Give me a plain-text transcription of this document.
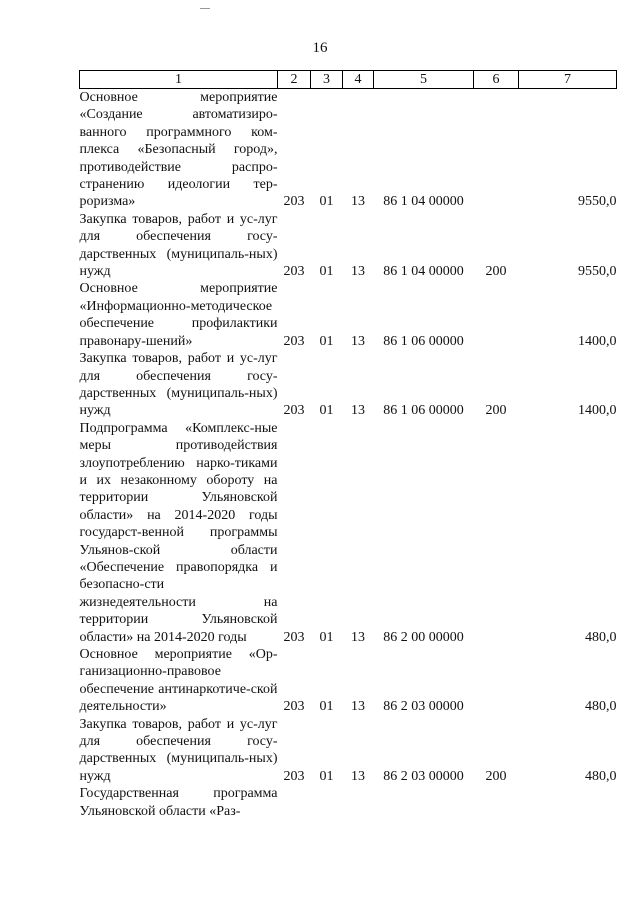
16
1	2	3	4	5	6	7
Основное мероприятие «Создание автоматизиро-ванного программного ком-плекса «Безопасный город», противодействие распро-странению идеологии тер-роризма»	203	01	13	86 1 04 00000		9550,0
Закупка товаров, работ и ус-луг для обеспечения госу-дарственных (муниципаль-ных) нужд	203	01	13	86 1 04 00000	200	9550,0
Основное мероприятие «Информационно-методическое обеспечение профилактики правонару-шений»	203	01	13	86 1 06 00000		1400,0
Закупка товаров, работ и ус-луг для обеспечения госу-дарственных (муниципаль-ных) нужд	203	01	13	86 1 06 00000	200	1400,0
Подпрограмма «Комплекс-ные меры противодействия злоупотреблению нарко-тиками и их незаконному обороту на территории Ульяновской области» на 2014-2020 годы государст-венной программы Ульянов-ской области «Обеспечение правопорядка и безопасно-сти жизнедеятельности на территории Ульяновской области» на 2014-2020 годы	203	01	13	86 2 00 00000		480,0
Основное мероприятие «Ор-ганизационно-правовое обеспечение антинаркотиче-ской деятельности»	203	01	13	86 2 03 00000		480,0
Закупка товаров, работ и ус-луг для обеспечения госу-дарственных (муниципаль-ных) нужд	203	01	13	86 2 03 00000	200	480,0
Государственная программа Ульяновской области «Раз-						
